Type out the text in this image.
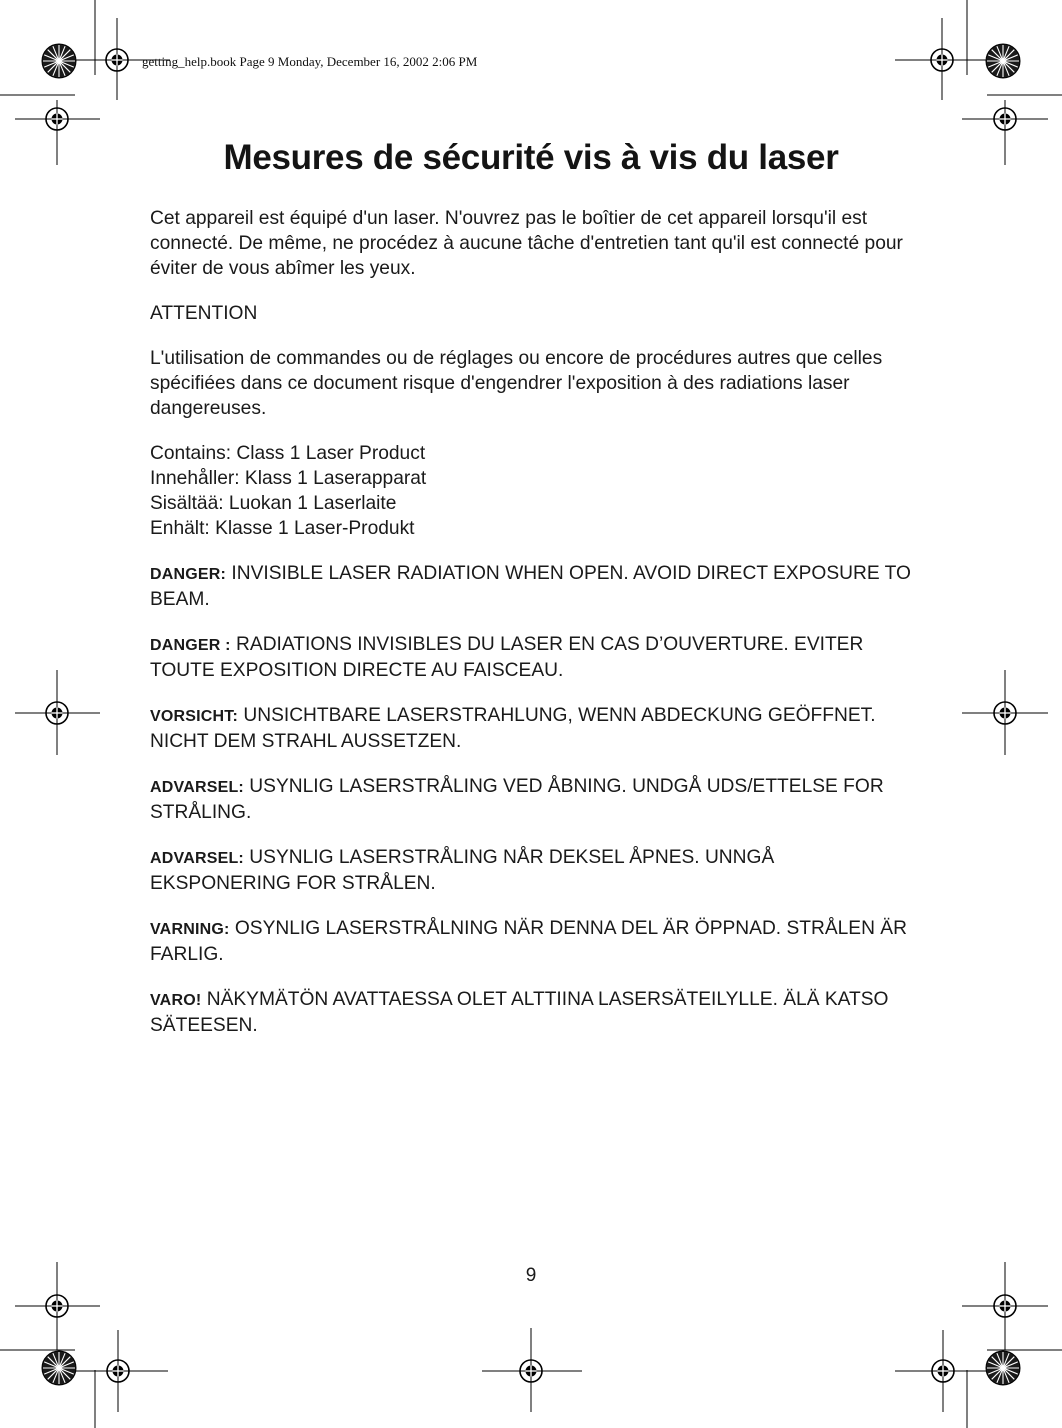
getting_help.book Page 9 Monday, December 16, 2002 2:06 PM
Mesures de sécurité vis à vis du laser

Cet appareil est équipé d'un laser. N'ouvrez pas le boîtier de cet appareil lorsqu'il est connecté. De même, ne procédez à aucune tâche d'entretien tant qu'il est connecté pour éviter de vous abîmer les yeux.

ATTENTION

L'utilisation de commandes ou de réglages ou encore de procédures autres que celles spécifiées dans ce document risque d'engendrer l'exposition à des radiations laser dangereuses.

Contains: Class 1 Laser Product
Innehåller: Klass 1 Laserapparat
Sisältää: Luokan 1 Laserlaite
Enhält: Klasse 1 Laser-Produkt

DANGER: INVISIBLE LASER RADIATION WHEN OPEN. AVOID DIRECT EXPOSURE TO BEAM.

DANGER : RADIATIONS INVISIBLES DU LASER EN CAS D’OUVERTURE. EVITER TOUTE EXPOSITION DIRECTE AU FAISCEAU.

VORSICHT: UNSICHTBARE LASERSTRAHLUNG, WENN ABDECKUNG GEÖFFNET. NICHT DEM STRAHL AUSSETZEN.

ADVARSEL: USYNLIG LASERSTRÅLING VED ÅBNING. UNDGÅ UDS/ETTELSE FOR STRÅLING.

ADVARSEL: USYNLIG LASERSTRÅLING NÅR DEKSEL ÅPNES. UNNGÅ EKSPONERING FOR STRÅLEN.

VARNING: OSYNLIG LASERSTRÅLNING NÄR DENNA DEL ÄR ÖPPNAD. STRÅLEN ÄR FARLIG.

VARO! NÄKYMÄTÖN AVATTAESSA OLET ALTTIINA LASERSÄTEILYLLE. ÄLÄ KATSO SÄTEESEN.

9
